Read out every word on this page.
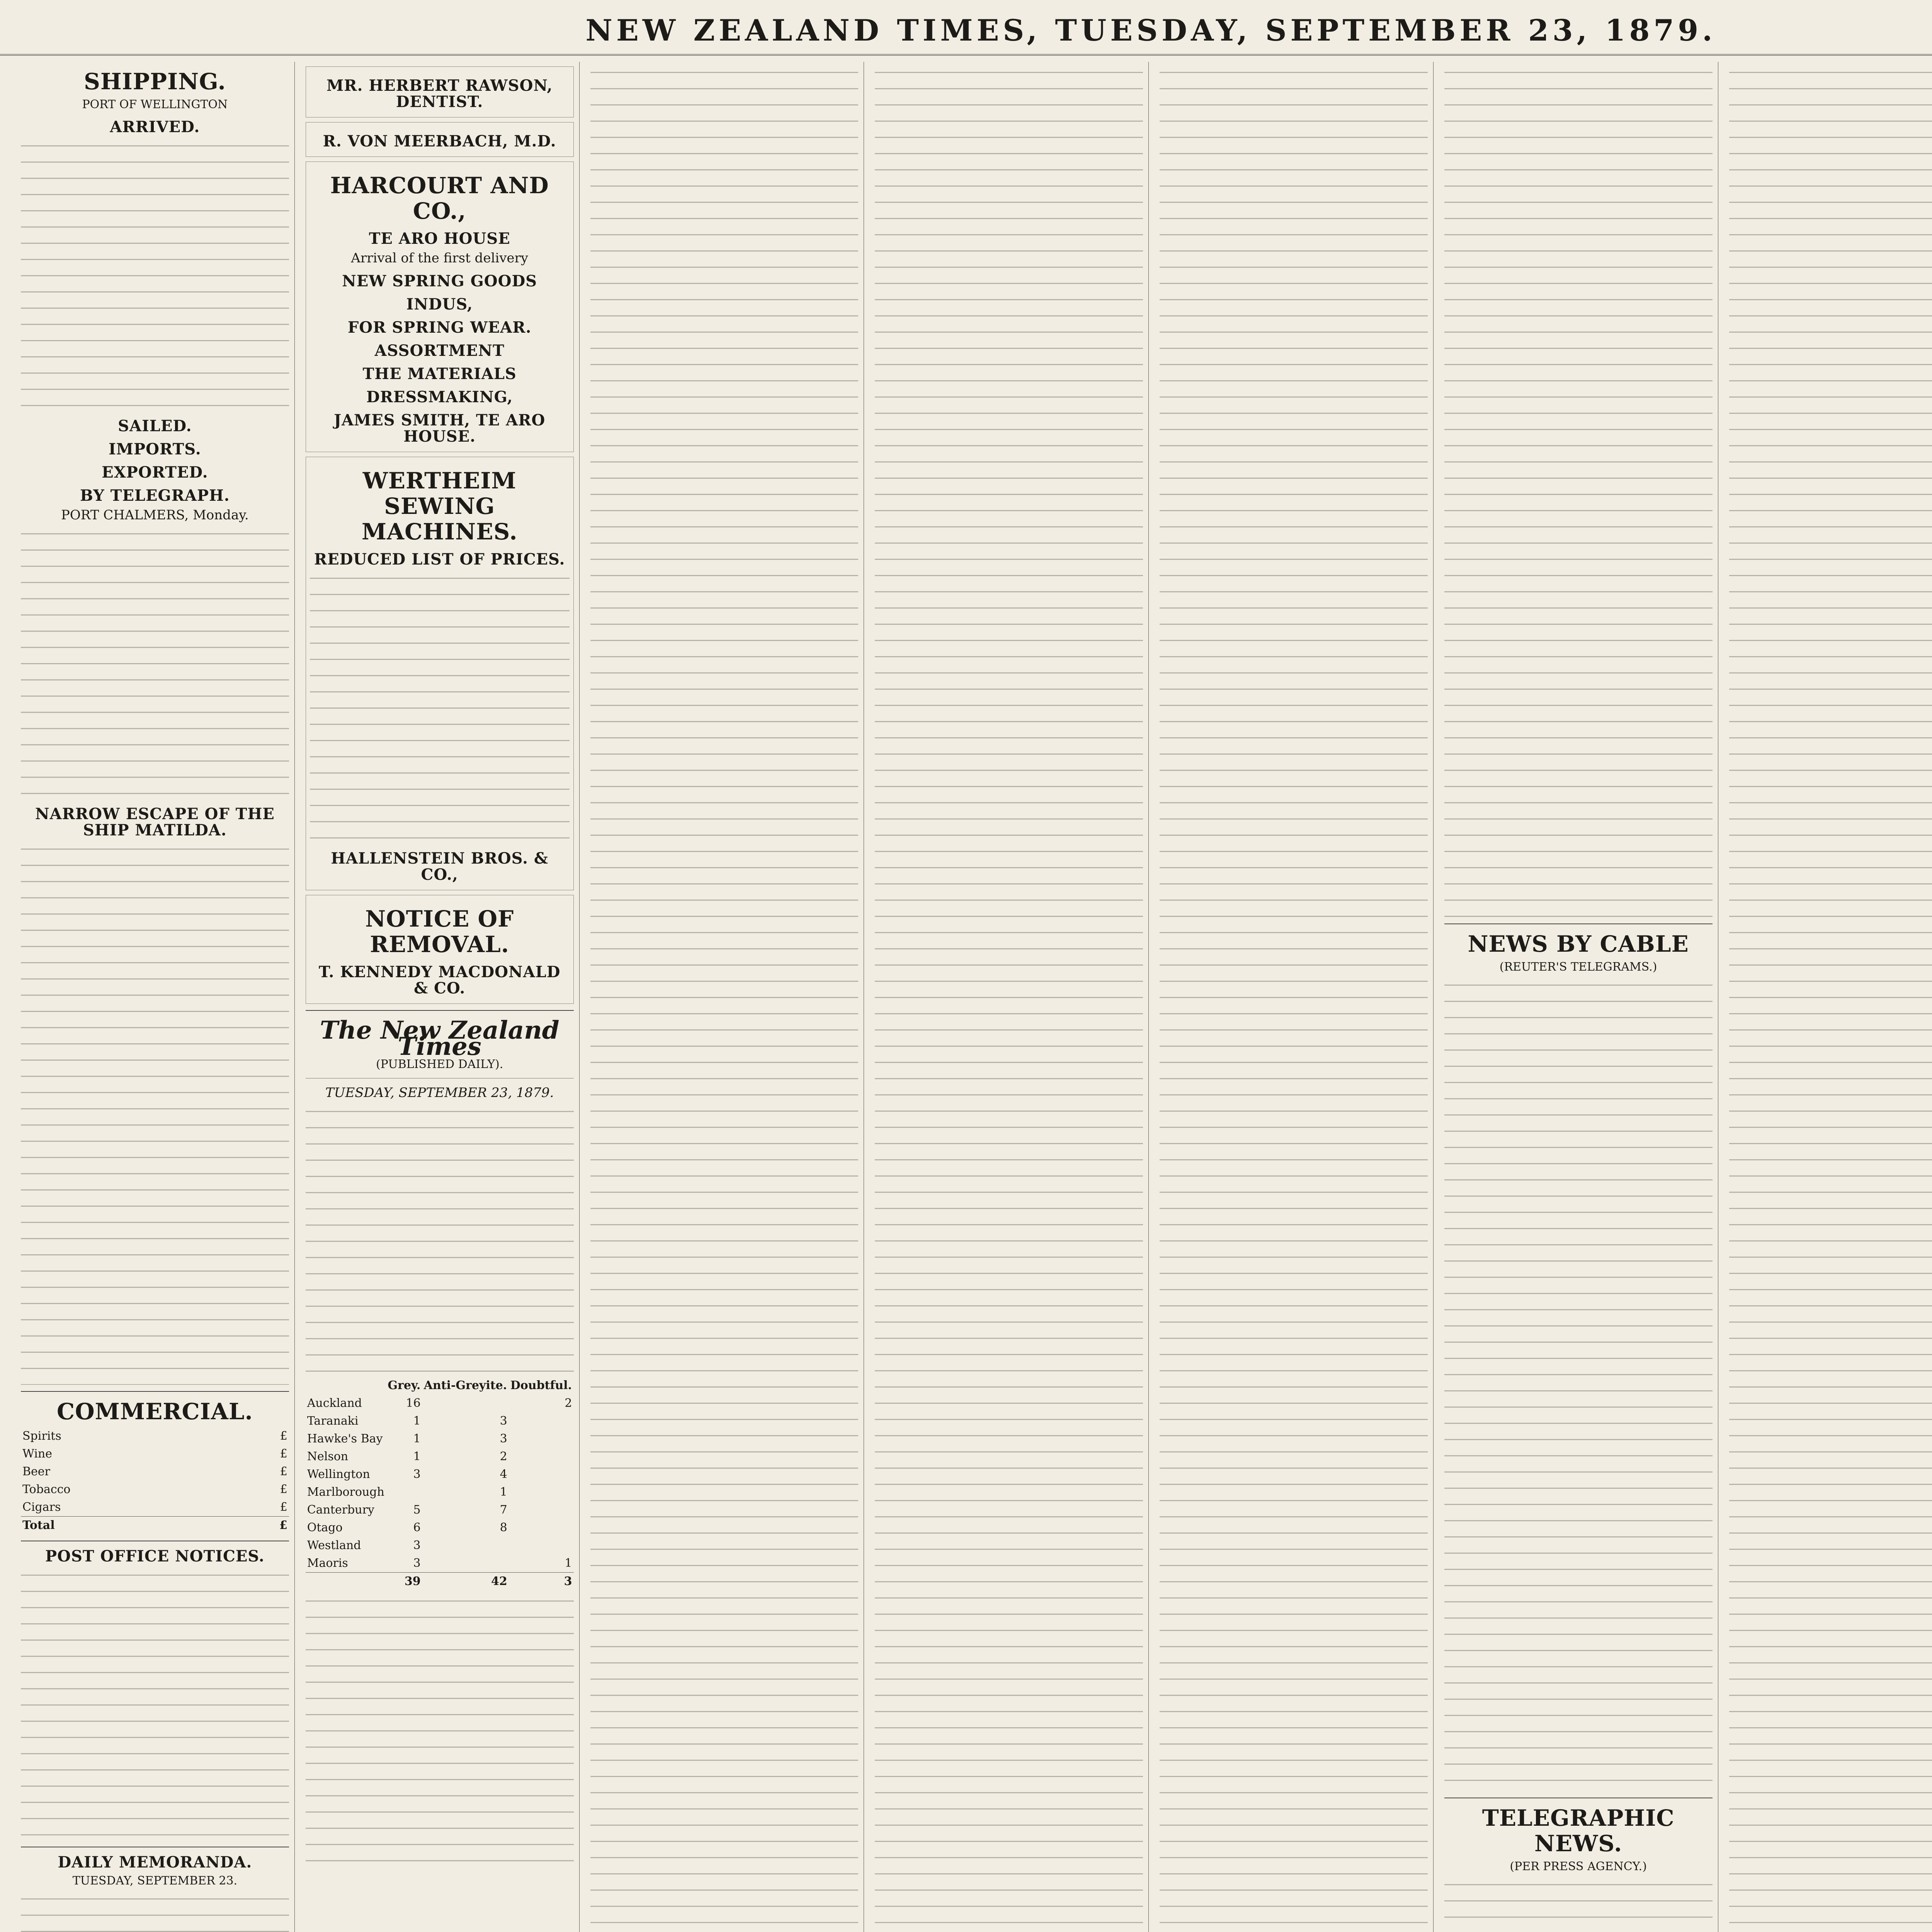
NEW ZEALAND TIMES, TUESDAY, SEPTEMBER 23, 1879.
SHIPPING.
PORT OF WELLINGTON
ARRIVED.
SAILED.
IMPORTS.
EXPORTED.
BY TELEGRAPH.
PORT CHALMERS, Monday.
NARROW ESCAPE OF THE SHIP MATILDA.
COMMERCIAL.
Spirits	£
Wine	£
Beer	£
Tobacco	£
Cigars	£
Total	£
POST OFFICE NOTICES.
DAILY MEMORANDA.
TUESDAY, SEPTEMBER 23.
MR. HERBERT RAWSON, DENTIST.
R. VON MEERBACH, M.D.
HARCOURT AND CO.,
TE ARO HOUSE
Arrival of the first delivery
NEW SPRING GOODS
INDUS,
FOR SPRING WEAR.
ASSORTMENT
THE MATERIALS
DRESSMAKING,
JAMES SMITH, TE ARO HOUSE.
WERTHEIM SEWING MACHINES.
REDUCED LIST OF PRICES.
HALLENSTEIN BROS. & CO.,
NOTICE OF REMOVAL.
T. KENNEDY MACDONALD & CO.
The New Zealand Times
(PUBLISHED DAILY).
TUESDAY, SEPTEMBER 23, 1879.
	Grey.	Anti-Greyite.	Doubtful.
Auckland	16		2
Taranaki	1	3	
Hawke's Bay	1	3	
Nelson	1	2	
Wellington	3	4	
Marlborough		1	
Canterbury	5	7	
Otago	6	8	
Westland	3		
Maoris	3		1
	39	42	3
NEWS BY CABLE
(REUTER'S TELEGRAMS.)
TELEGRAPHIC NEWS.
(PER PRESS AGENCY.)
